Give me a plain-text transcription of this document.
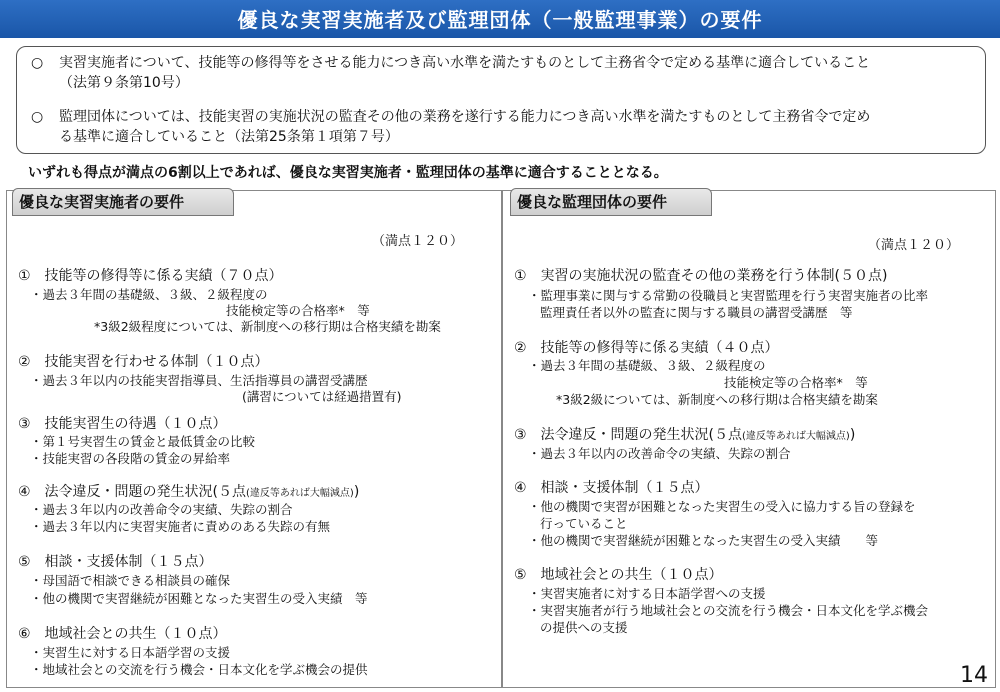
優良な実習実施者及び監理団体（一般監理事業）の要件
○ 実習実施者について、技能等の修得等をさせる能力につき高い水準を満たすものとして主務省令で定める基準に適合していること
（法第９条第10号）
○ 監理団体については、技能実習の実施状況の監査その他の業務を遂行する能力につき高い水準を満たすものとして主務省令で定め
る基準に適合していること（法第25条第１項第７号）
いずれも得点が満点の6割以上であれば、優良な実習実施者・監理団体の基準に適合することとなる。
優良な実習実施者の要件
（満点１２０）
①　技能等の修得等に係る実績（７０点）
・過去３年間の基礎級、３級、２級程度の
技能検定等の合格率*　等
*3級2級程度については、新制度への移行期は合格実績を勘案
②　技能実習を行わせる体制（１０点）
・過去３年以内の技能実習指導員、生活指導員の講習受講歴
(講習については経過措置有)
③　技能実習生の待遇（１０点）
・第１号実習生の賃金と最低賃金の比較
・技能実習の各段階の賃金の昇給率
④　法令違反・問題の発生状況(５点(違反等あれば大幅減点))
・過去３年以内の改善命令の実績、失踪の割合
・過去３年以内に実習実施者に責めのある失踪の有無
⑤　相談・支援体制（１５点）
・母国語で相談できる相談員の確保
・他の機関で実習継続が困難となった実習生の受入実績　等
⑥　地域社会との共生（１０点）
・実習生に対する日本語学習の支援
・地域社会との交流を行う機会・日本文化を学ぶ機会の提供
優良な監理団体の要件
（満点１２０）
①　実習の実施状況の監査その他の業務を行う体制(５０点)
・監理事業に関与する常勤の役職員と実習監理を行う実習実施者の比率
監理責任者以外の監査に関与する職員の講習受講歴　等
②　技能等の修得等に係る実績（４０点）
・過去３年間の基礎級、３級、２級程度の
技能検定等の合格率*　等
*3級2級については、新制度への移行期は合格実績を勘案
③　法令違反・問題の発生状況(５点(違反等あれば大幅減点))
・過去３年以内の改善命令の実績、失踪の割合
④　相談・支援体制（１５点）
・他の機関で実習が困難となった実習生の受入に協力する旨の登録を
行っていること
・他の機関で実習継続が困難となった実習生の受入実績　　等
⑤　地域社会との共生（１０点）
・実習実施者に対する日本語学習への支援
・実習実施者が行う地域社会との交流を行う機会・日本文化を学ぶ機会
の提供への支援
14
